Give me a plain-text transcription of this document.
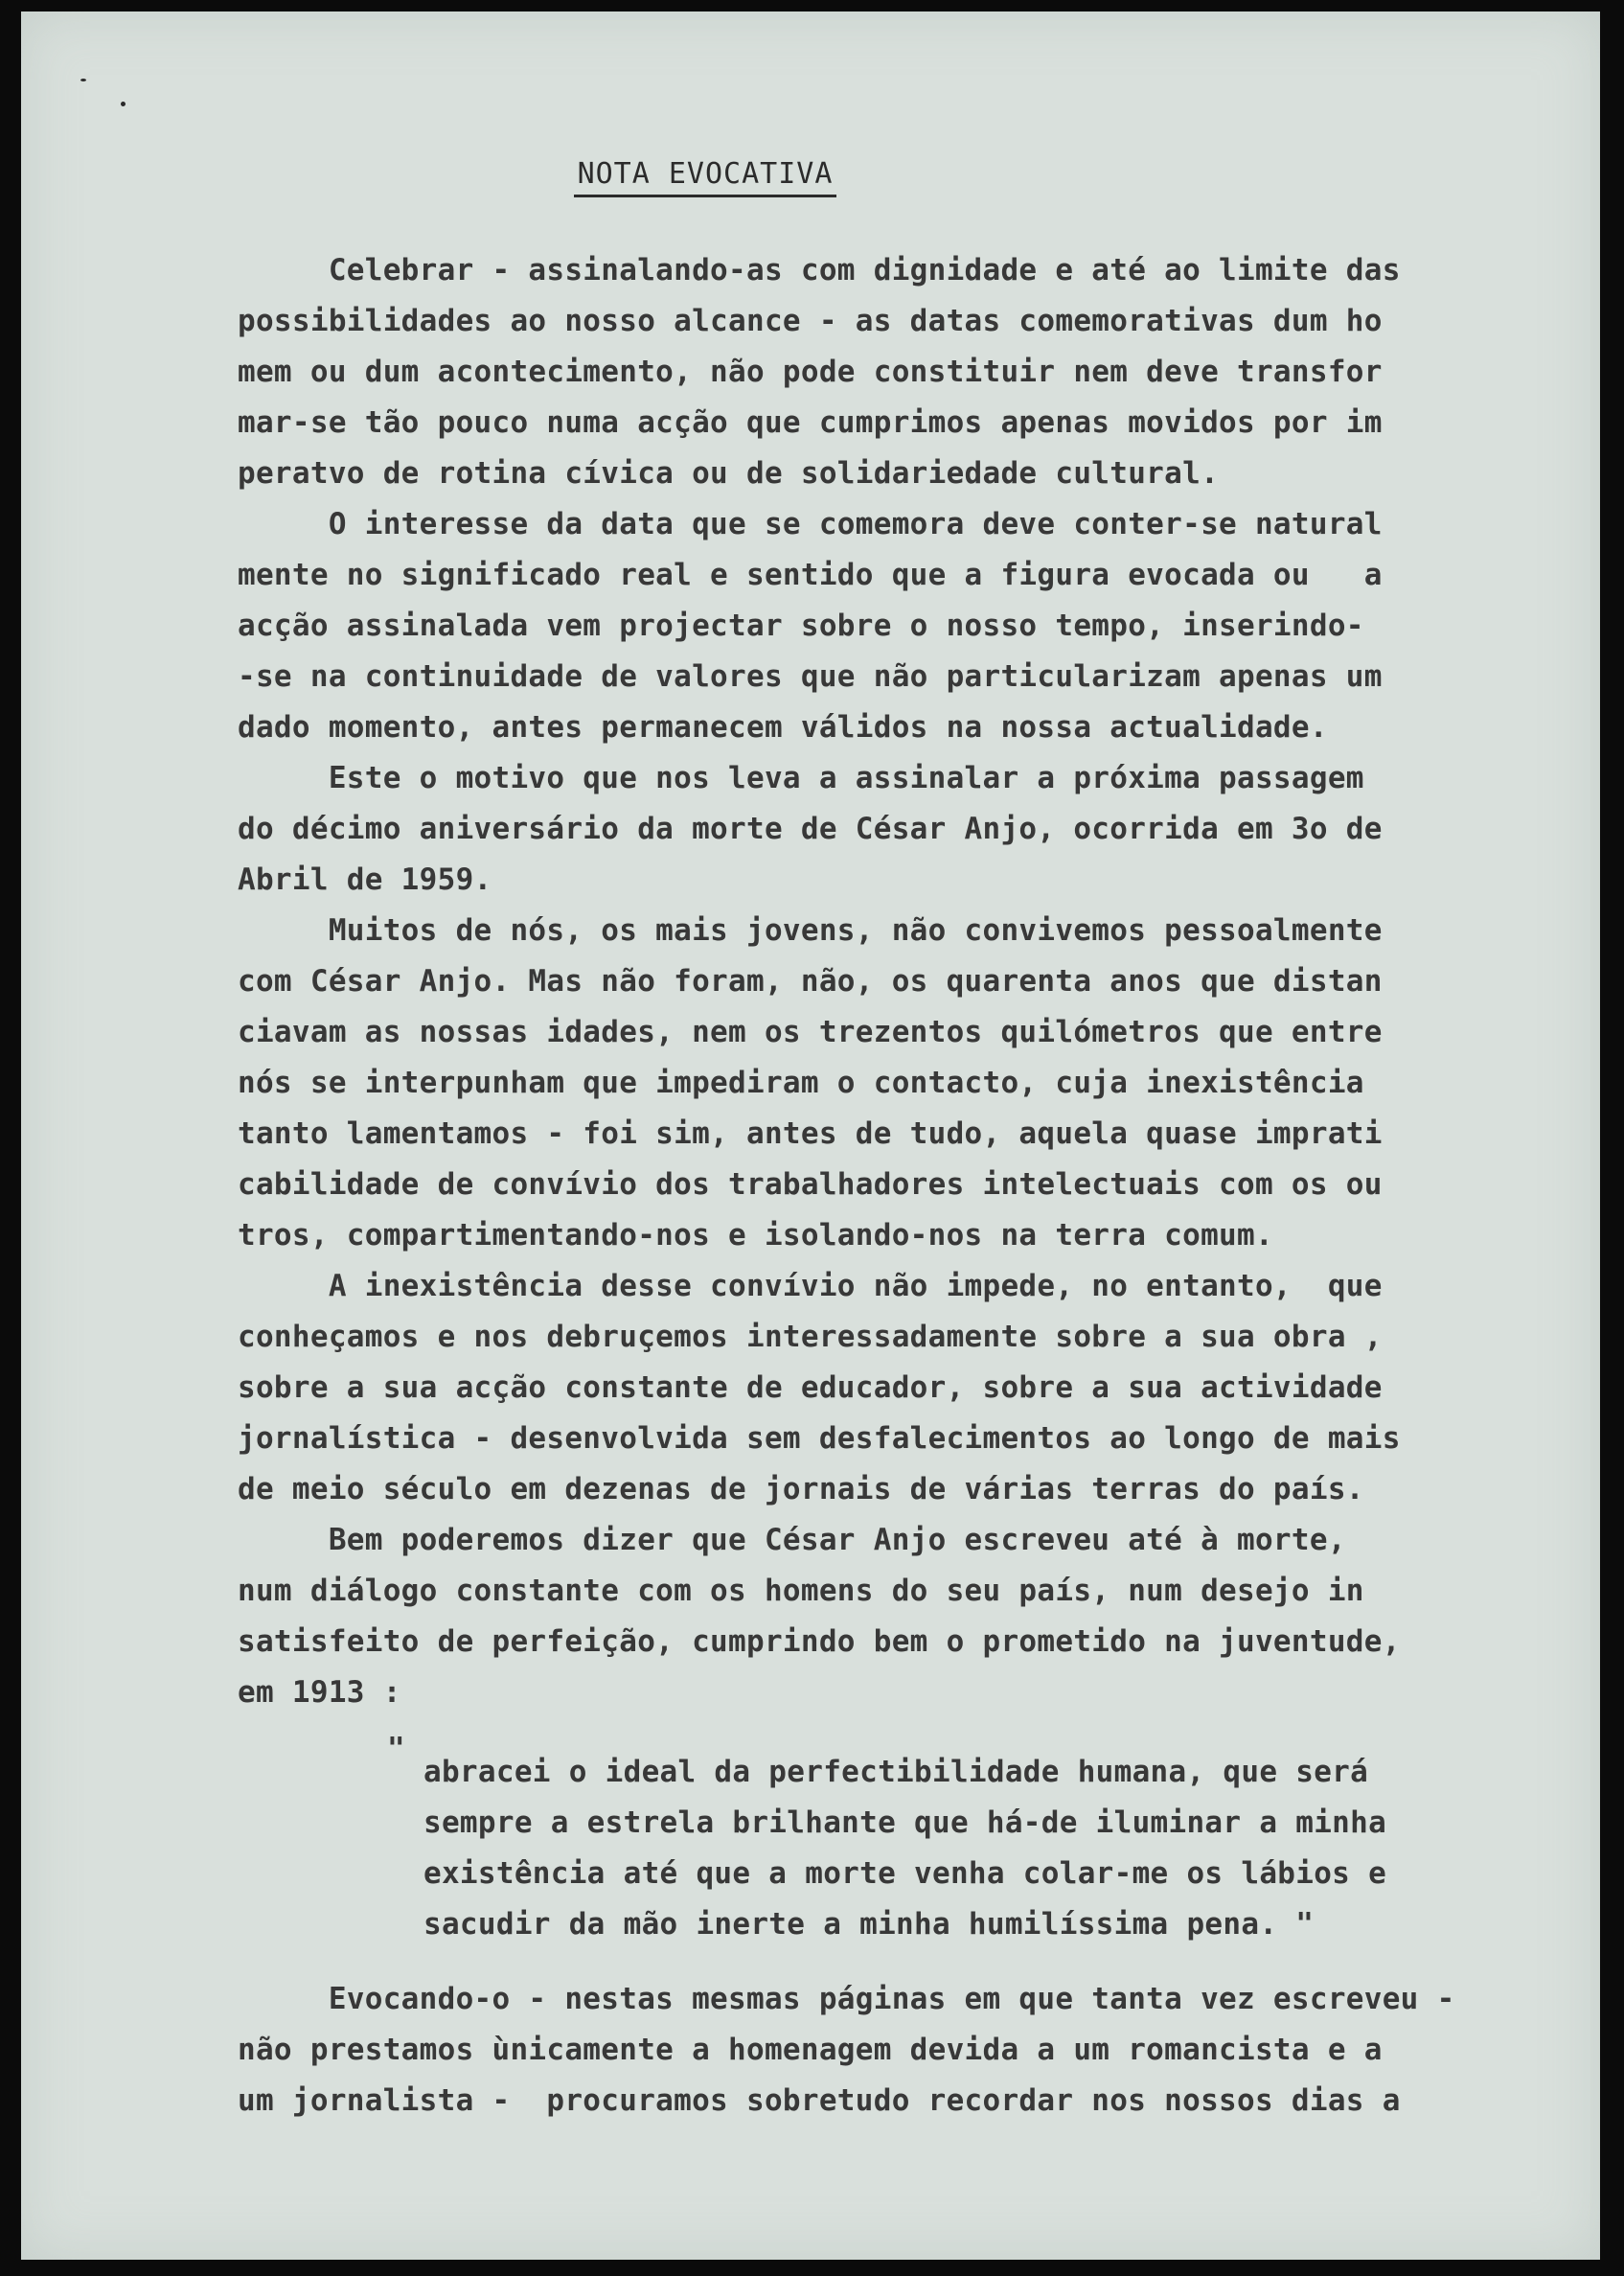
NOTA EVOCATIVA

Celebrar - assinalando-as com dignidade e até ao limite das

possibilidades ao nosso alcance - as datas comemorativas dum ho

mem ou dum acontecimento, não pode constituir nem deve transfor

mar-se tão pouco numa acção que cumprimos apenas movidos por im

peratvo de rotina cívica ou de solidariedade cultural.

O interesse da data que se comemora deve conter-se natural

mente no significado real e sentido que a figura evocada ou   a

acção assinalada vem projectar sobre o nosso tempo, inserindo-

-se na continuidade de valores que não particularizam apenas um

dado momento, antes permanecem válidos na nossa actualidade.

Este o motivo que nos leva a assinalar a próxima passagem

do décimo aniversário da morte de César Anjo, ocorrida em 3o de

Abril de 1959.

Muitos de nós, os mais jovens, não convivemos pessoalmente

com César Anjo. Mas não foram, não, os quarenta anos que distan

ciavam as nossas idades, nem os trezentos quilómetros que entre

nós se interpunham que impediram o contacto, cuja inexistência

tanto lamentamos - foi sim, antes de tudo, aquela quase imprati

cabilidade de convívio dos trabalhadores intelectuais com os ou

tros, compartimentando-nos e isolando-nos na terra comum.

A inexistência desse convívio não impede, no entanto,  que

conheçamos e nos debruçemos interessadamente sobre a sua obra ,

sobre a sua acção constante de educador, sobre a sua actividade

jornalística - desenvolvida sem desfalecimentos ao longo de mais

de meio século em dezenas de jornais de várias terras do país.

Bem poderemos dizer que César Anjo escreveu até à morte,

num diálogo constante com os homens do seu país, num desejo in

satisfeito de perfeição, cumprindo bem o prometido na juventude,

em 1913 :

"

abracei o ideal da perfectibilidade humana, que será

sempre a estrela brilhante que há-de iluminar a minha

existência até que a morte venha colar-me os lábios e

sacudir da mão inerte a minha humilíssima pena. "

Evocando-o - nestas mesmas páginas em que tanta vez escreveu -

não prestamos ùnicamente a homenagem devida a um romancista e a

um jornalista -  procuramos sobretudo recordar nos nossos dias a
